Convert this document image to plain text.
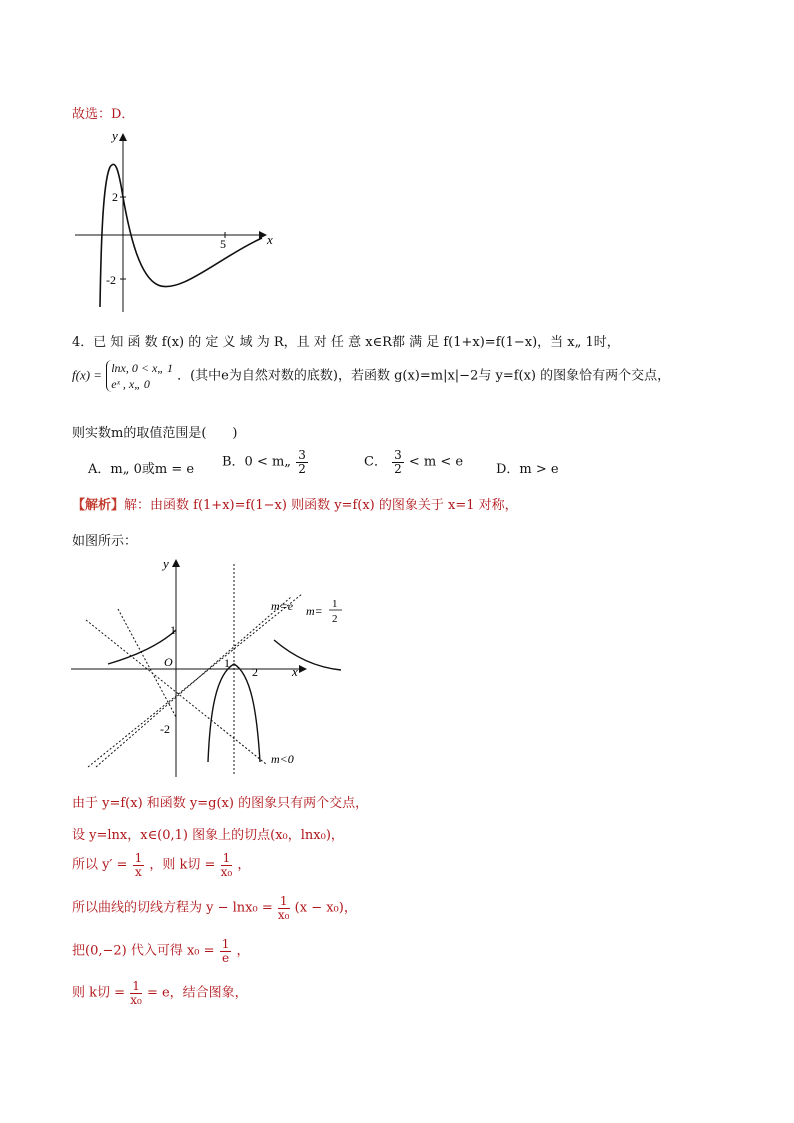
故选：D．
y
x
2
-2
5
4．已 知 函 数 f(x) 的 定 义 域 为 R，且 对 任 意 x∈R都 满 足 f(1+x)=f(1−x)，当 x„ 1时，
f(x) = lnx, 0 < x„ 1
eˣ , x„ 0
．(其中e为自然对数的底数)，若函数 g(x)=m|x|−2与 y=f(x) 的图象恰有两个交点，
则实数m的取值范围是(　　)
A．m„ 0或m = e B．0 < m„ $\frac{3}{2}$	C． $\frac{3}{2} < m < e$	D．m > e
【解析】解：由函数 f(1+x)=f(1−x) 则函数 y=f(x) 的图象关于 x=1 对称，
如图所示：
y
x
O
1
1
2
-2
m=e m= 1
2
m<0
由于 y=f(x) 和函数 y=g(x) 的图象只有两个交点，
设 y=lnx，x∈(0,1) 图象上的切点(x₀，lnx₀)，
所以 $y' = \frac{1}{x}$ ，则 k切 = $\frac{1}{\text{x₀}}$ ，
所以曲线的切线方程为 $y - \ln x_0 = \frac{1}{\text{x₀}} (x - x_0)$，
把(0,−2) 代入可得 $x_0 = \frac{1}{e}$ ，
则 k切 = $\frac{1}{\text{x₀}} = e$，结合图象，
